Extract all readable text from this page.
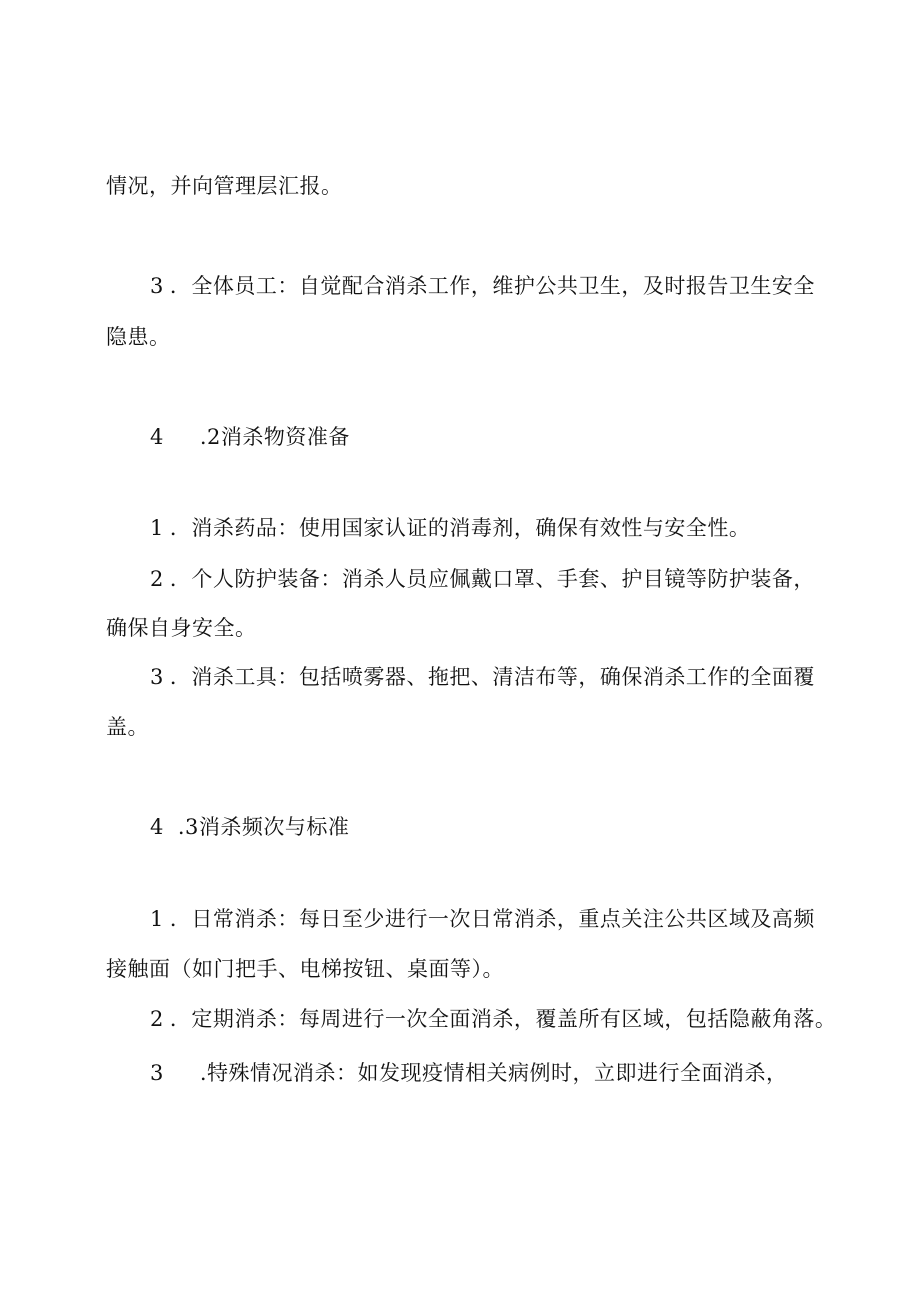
情况，并向管理层汇报。
3 ．全体员工：自觉配合消杀工作，维护公共卫生，及时报告卫生安全
隐患。
4 .2消杀物资准备
1 ．消杀药品：使用国家认证的消毒剂，确保有效性与安全性。
2 ．个人防护装备：消杀人员应佩戴口罩、手套、护目镜等防护装备，
确保自身安全。
3 ．消杀工具：包括喷雾器、拖把、清洁布等，确保消杀工作的全面覆
盖。
4 .3消杀频次与标准
1 ．日常消杀：每日至少进行一次日常消杀，重点关注公共区域及高频
接触面（如门把手、电梯按钮、桌面等）。
2 ．定期消杀：每周进行一次全面消杀，覆盖所有区域，包括隐蔽角落。
3 .特殊情况消杀：如发现疫情相关病例时，立即进行全面消杀，
